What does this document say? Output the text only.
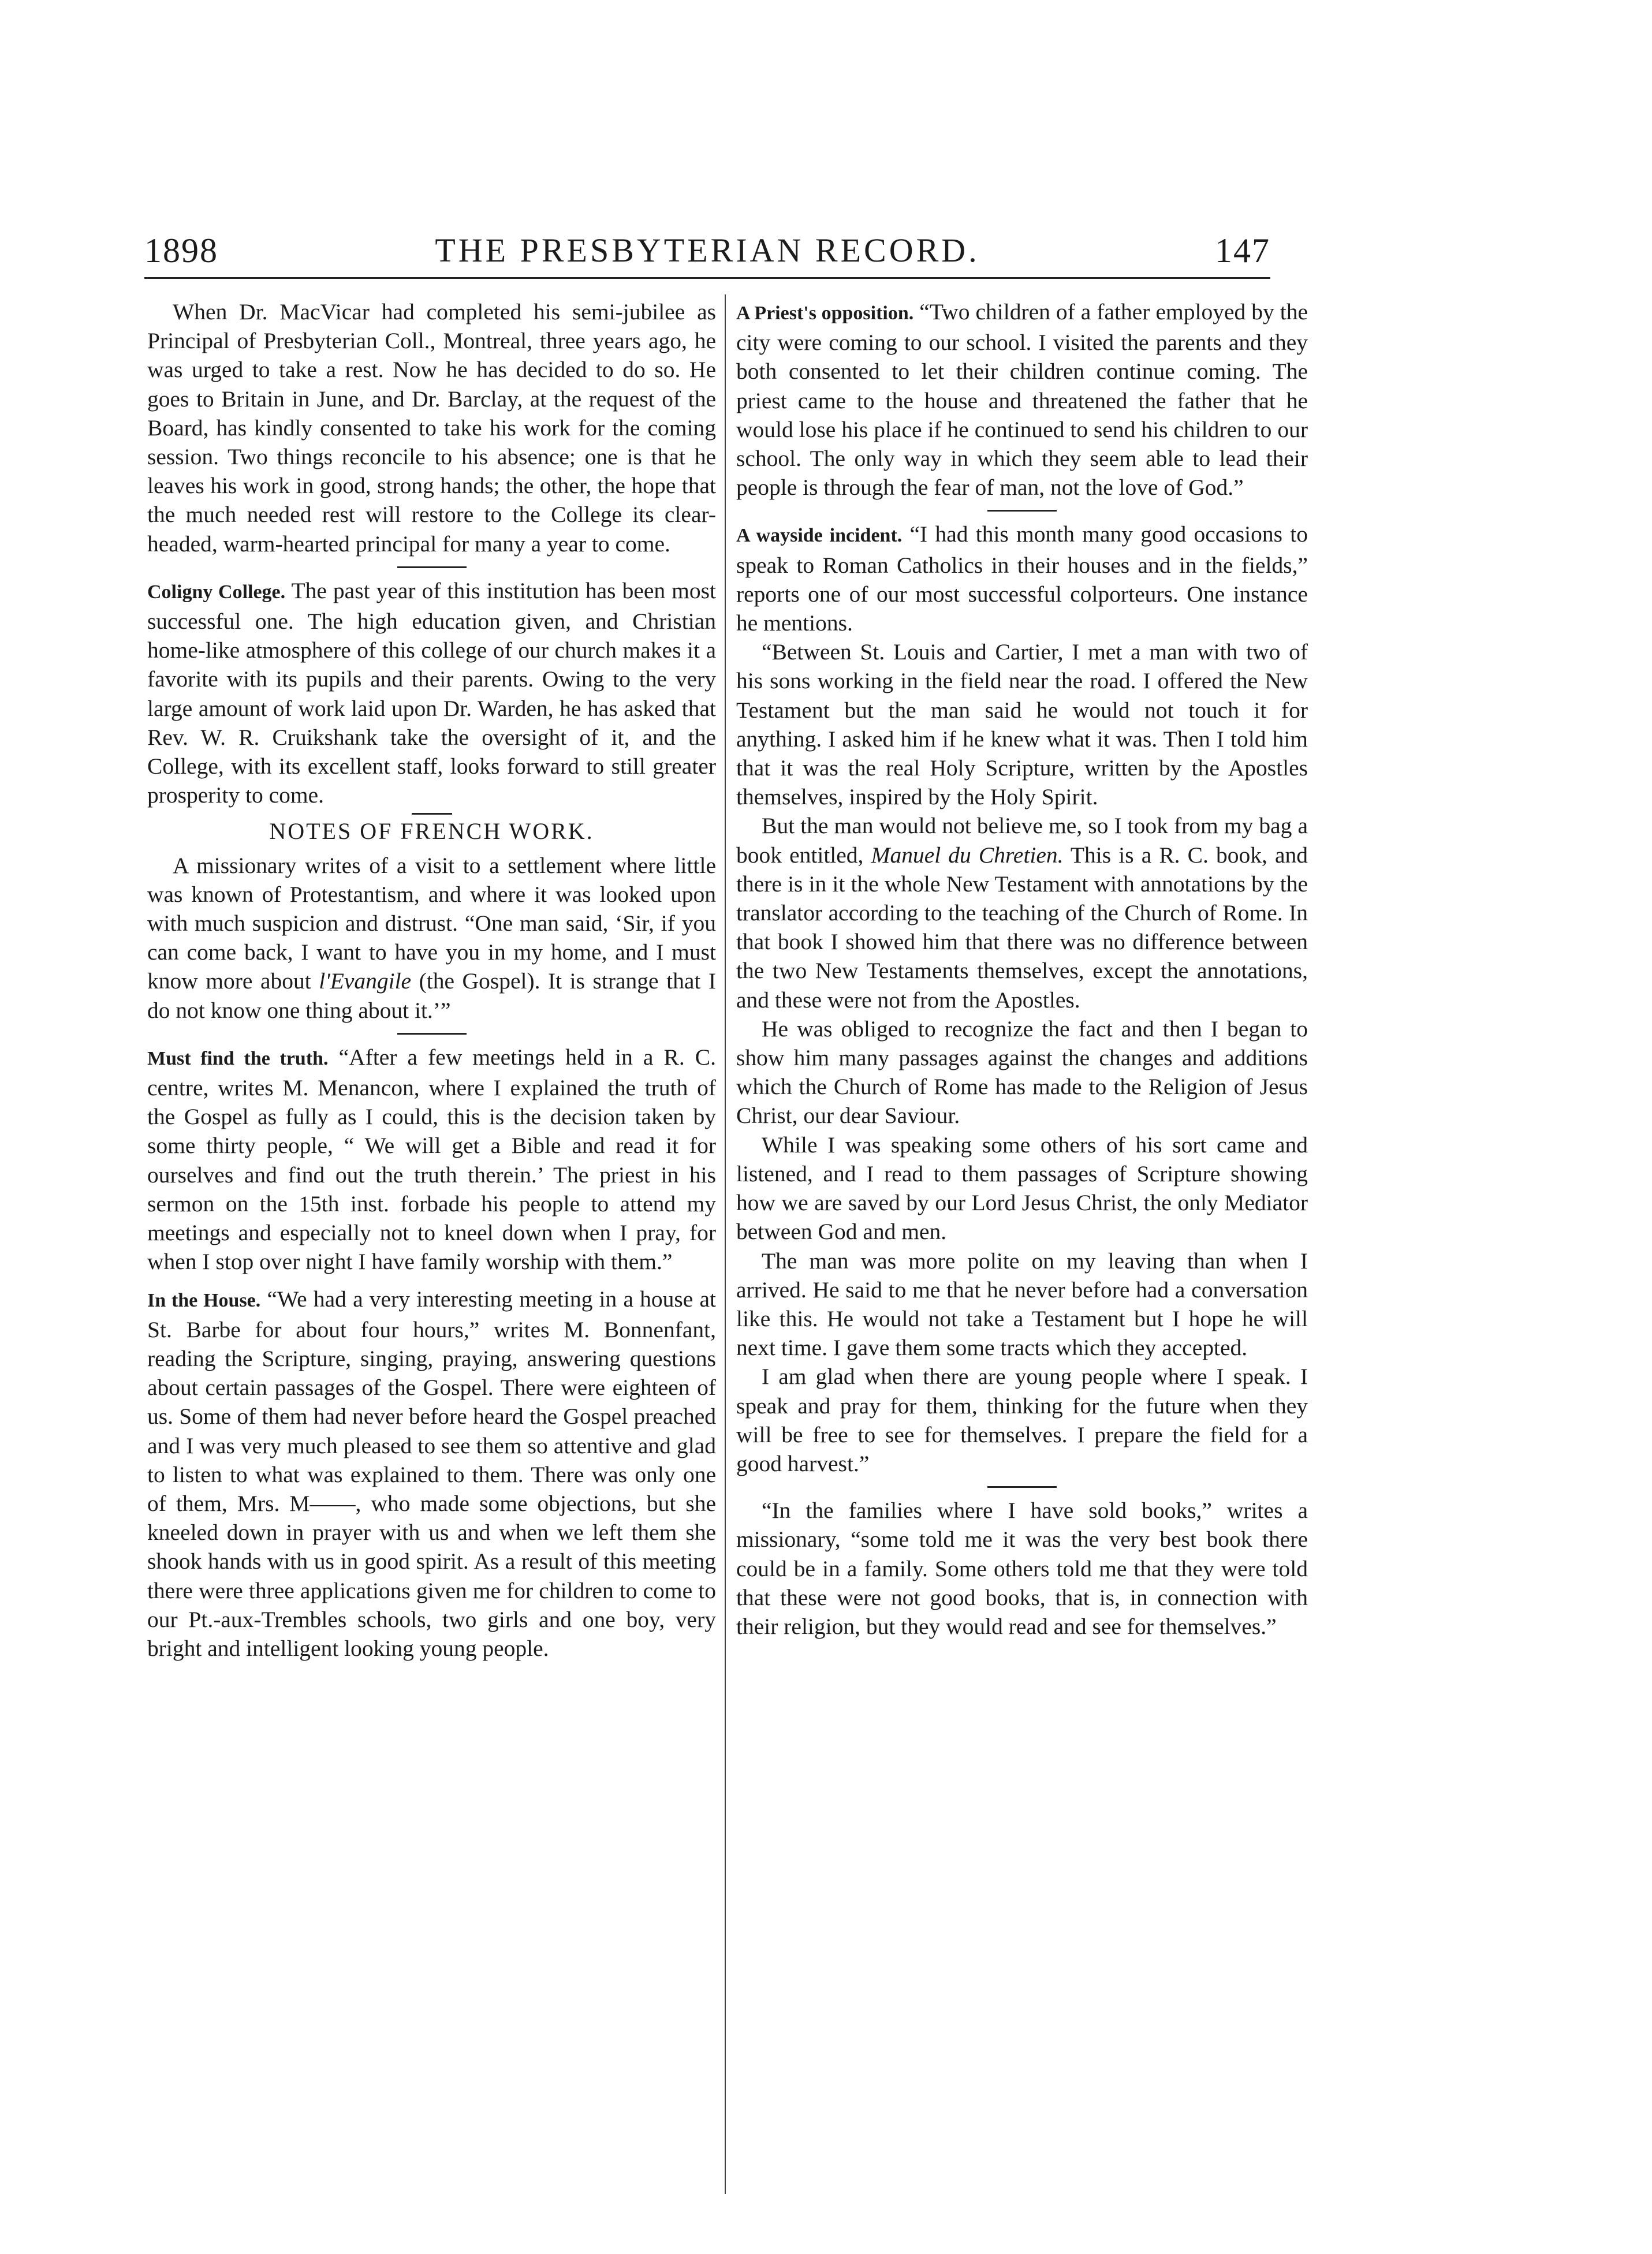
1898	THE PRESBYTERIAN RECORD.	147

When Dr. MacVicar had completed his semi-jubilee as Principal of Presbyterian Coll., Montreal, three years ago, he was urged to take a rest. Now he has decided to do so. He goes to Britain in June, and Dr. Barclay, at the request of the Board, has kindly consented to take his work for the coming session. Two things reconcile to his absence; one is that he leaves his work in good, strong hands; the other, the hope that the much needed rest will restore to the College its clear-headed, warm-hearted principal for many a year to come.

Coligny College. The past year of this institution has been most successful one. The high education given, and Christian home-like atmosphere of this college of our church makes it a favorite with its pupils and their parents. Owing to the very large amount of work laid upon Dr. Warden, he has asked that Rev. W. R. Cruikshank take the oversight of it, and the College, with its excellent staff, looks forward to still greater prosperity to come.

NOTES OF FRENCH WORK.

A missionary writes of a visit to a settlement where little was known of Protestantism, and where it was looked upon with much suspicion and distrust. “One man said, ‘Sir, if you can come back, I want to have you in my home, and I must know more about l'Evangile (the Gospel). It is strange that I do not know one thing about it.’”

Must find the truth. “After a few meetings held in a R. C. centre, writes M. Menancon, where I explained the truth of the Gospel as fully as I could, this is the decision taken by some thirty people, “ We will get a Bible and read it for ourselves and find out the truth therein.’ The priest in his sermon on the 15th inst. forbade his people to attend my meetings and especially not to kneel down when I pray, for when I stop over night I have family worship with them.”

In the House. “We had a very interesting meeting in a house at St. Barbe for about four hours,” writes M. Bonnenfant, reading the Scripture, singing, praying, answering questions about certain passages of the Gospel. There were eighteen of us. Some of them had never before heard the Gospel preached and I was very much pleased to see them so attentive and glad to listen to what was explained to them. There was only one of them, Mrs. M——, who made some objections, but she kneeled down in prayer with us and when we left them she shook hands with us in good spirit. As a result of this meeting there were three applications given me for children to come to our Pt.-aux-Trembles schools, two girls and one boy, very bright and intelligent looking young people.

A Priest's opposition. “Two children of a father employed by the city were coming to our school. I visited the parents and they both consented to let their children continue coming. The priest came to the house and threatened the father that he would lose his place if he continued to send his children to our school. The only way in which they seem able to lead their people is through the fear of man, not the love of God.”

A wayside incident. “I had this month many good occasions to speak to Roman Catholics in their houses and in the fields,” reports one of our most successful colporteurs. One instance he mentions.

“Between St. Louis and Cartier, I met a man with two of his sons working in the field near the road. I offered the New Testament but the man said he would not touch it for anything. I asked him if he knew what it was. Then I told him that it was the real Holy Scripture, written by the Apostles themselves, inspired by the Holy Spirit.

But the man would not believe me, so I took from my bag a book entitled, Manuel du Chretien. This is a R. C. book, and there is in it the whole New Testament with annotations by the translator according to the teaching of the Church of Rome. In that book I showed him that there was no difference between the two New Testaments themselves, except the annotations, and these were not from the Apostles.

He was obliged to recognize the fact and then I began to show him many passages against the changes and additions which the Church of Rome has made to the Religion of Jesus Christ, our dear Saviour.

While I was speaking some others of his sort came and listened, and I read to them passages of Scripture showing how we are saved by our Lord Jesus Christ, the only Mediator between God and men.

The man was more polite on my leaving than when I arrived. He said to me that he never before had a conversation like this. He would not take a Testament but I hope he will next time. I gave them some tracts which they accepted.

I am glad when there are young people where I speak. I speak and pray for them, thinking for the future when they will be free to see for themselves. I prepare the field for a good harvest.”

“In the families where I have sold books,” writes a missionary, “some told me it was the very best book there could be in a family. Some others told me that they were told that these were not good books, that is, in connection with their religion, but they would read and see for themselves.”
